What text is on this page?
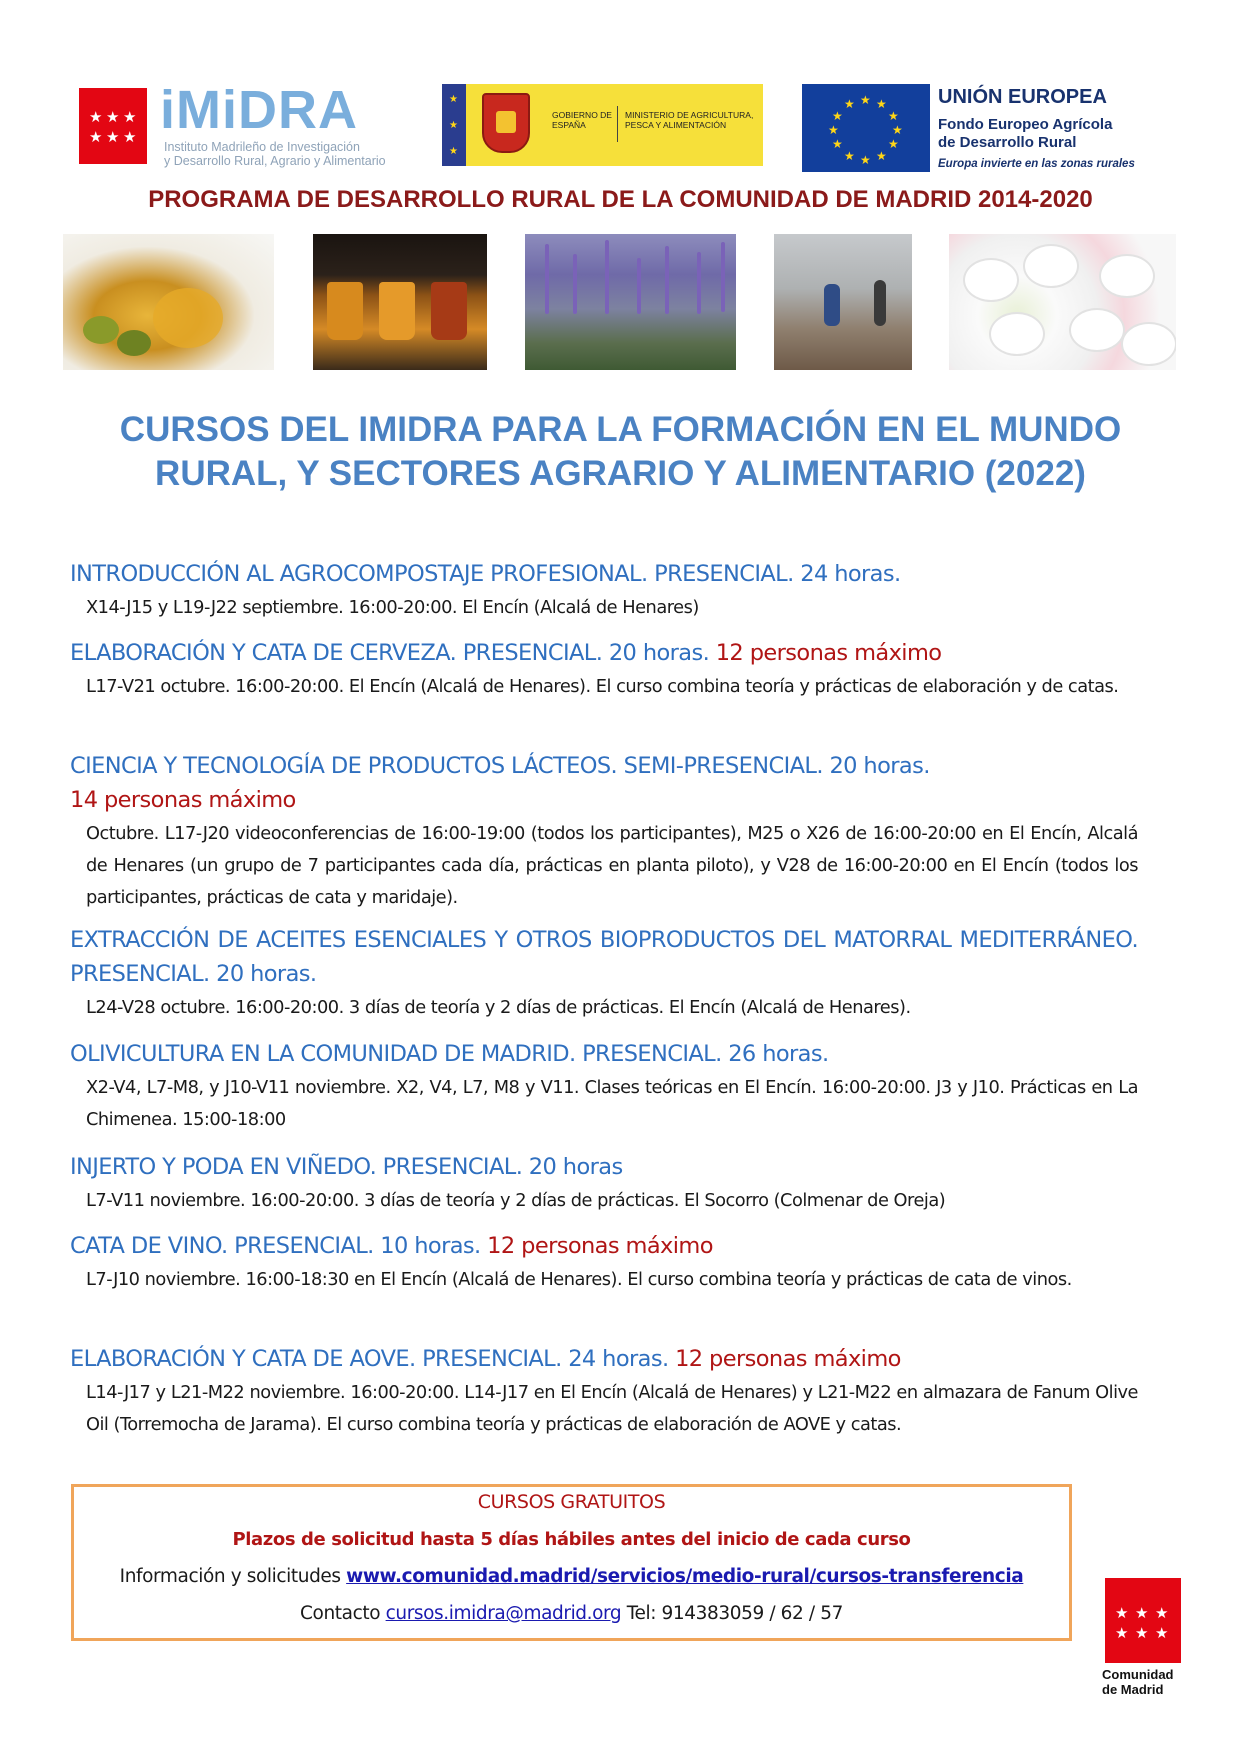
★ ★ ★
★ ★ ★ iMiDRA
Instituto Madrileño de Investigación
y Desarrollo Rural, Agrario y Alimentario
★
★
★
GOBIERNO DE ESPAÑA
MINISTERIO DE AGRICULTURA, PESCA Y ALIMENTACIÓN
★ ★
★
★
★
★
★
★
★
★
★
★	UNIÓN EUROPEA
Fondo Europeo Agrícola
de Desarrollo Rural
Europa invierte en las zonas rurales
PROGRAMA DE DESARROLLO RURAL DE LA COMUNIDAD DE MADRID 2014-2020
CURSOS DEL IMIDRA PARA LA FORMACIÓN EN EL MUNDO RURAL, Y SECTORES AGRARIO Y ALIMENTARIO (2022)
INTRODUCCIÓN AL AGROCOMPOSTAJE PROFESIONAL. PRESENCIAL. 24 horas.
X14-J15 y L19-J22 septiembre. 16:00-20:00. El Encín (Alcalá de Henares)
ELABORACIÓN Y CATA DE CERVEZA. PRESENCIAL. 20 horas. 12 personas máximo
L17-V21 octubre. 16:00-20:00. El Encín (Alcalá de Henares). El curso combina teoría y prácticas de elaboración y de catas.
CIENCIA Y TECNOLOGÍA DE PRODUCTOS LÁCTEOS. SEMI-PRESENCIAL. 20 horas.
14 personas máximo
Octubre. L17-J20 videoconferencias de 16:00-19:00 (todos los participantes), M25 o X26 de 16:00-20:00 en El Encín, Alcalá de Henares (un grupo de 7 participantes cada día, prácticas en planta piloto), y V28 de 16:00-20:00 en El Encín (todos los participantes, prácticas de cata y maridaje).
EXTRACCIÓN DE ACEITES ESENCIALES Y OTROS BIOPRODUCTOS DEL MATORRAL MEDITERRÁNEO. PRESENCIAL. 20 horas.
L24-V28 octubre. 16:00-20:00. 3 días de teoría y 2 días de prácticas. El Encín (Alcalá de Henares).
OLIVICULTURA EN LA COMUNIDAD DE MADRID. PRESENCIAL. 26 horas.
X2-V4, L7-M8, y J10-V11 noviembre. X2, V4, L7, M8 y V11. Clases teóricas en El Encín. 16:00-20:00. J3 y J10. Prácticas en La Chimenea. 15:00-18:00
INJERTO Y PODA EN VIÑEDO. PRESENCIAL. 20 horas
L7-V11 noviembre. 16:00-20:00. 3 días de teoría y 2 días de prácticas. El Socorro (Colmenar de Oreja)
CATA DE VINO. PRESENCIAL. 10 horas. 12 personas máximo
L7-J10 noviembre. 16:00-18:30 en El Encín (Alcalá de Henares). El curso combina teoría y prácticas de cata de vinos.
ELABORACIÓN Y CATA DE AOVE. PRESENCIAL. 24 horas. 12 personas máximo
L14-J17 y L21-M22 noviembre. 16:00-20:00. L14-J17 en El Encín (Alcalá de Henares) y L21-M22 en almazara de Fanum Olive Oil (Torremocha de Jarama). El curso combina teoría y prácticas de elaboración de AOVE y catas.
CURSOS GRATUITOS
Plazos de solicitud hasta 5 días hábiles antes del inicio de cada curso
Información y solicitudes www.comunidad.madrid/servicios/medio-rural/cursos-transferencia
Contacto cursos.imidra@madrid.org Tel: 914383059 / 62 / 57	★ ★ ★
★ ★ ★
Comunidad
de Madrid
